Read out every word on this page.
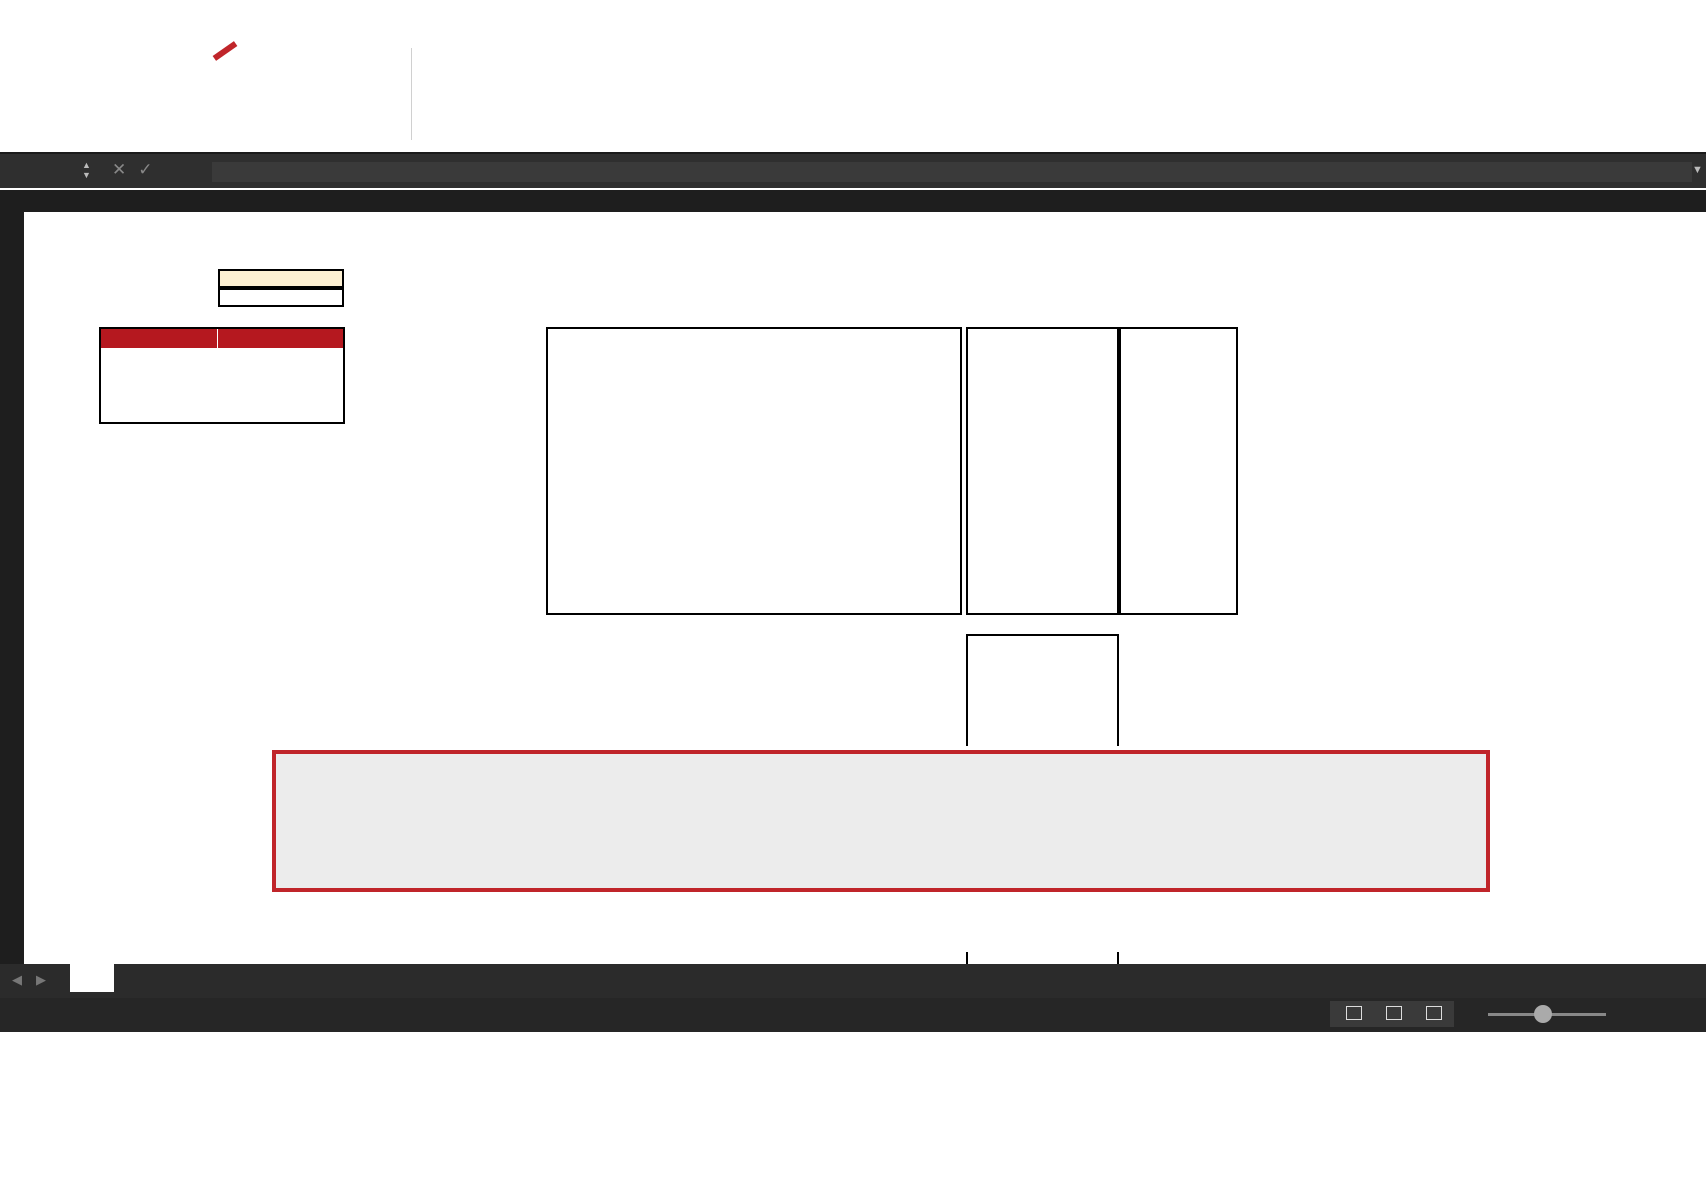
▲
▼ ✕✓	▼
◀▶
